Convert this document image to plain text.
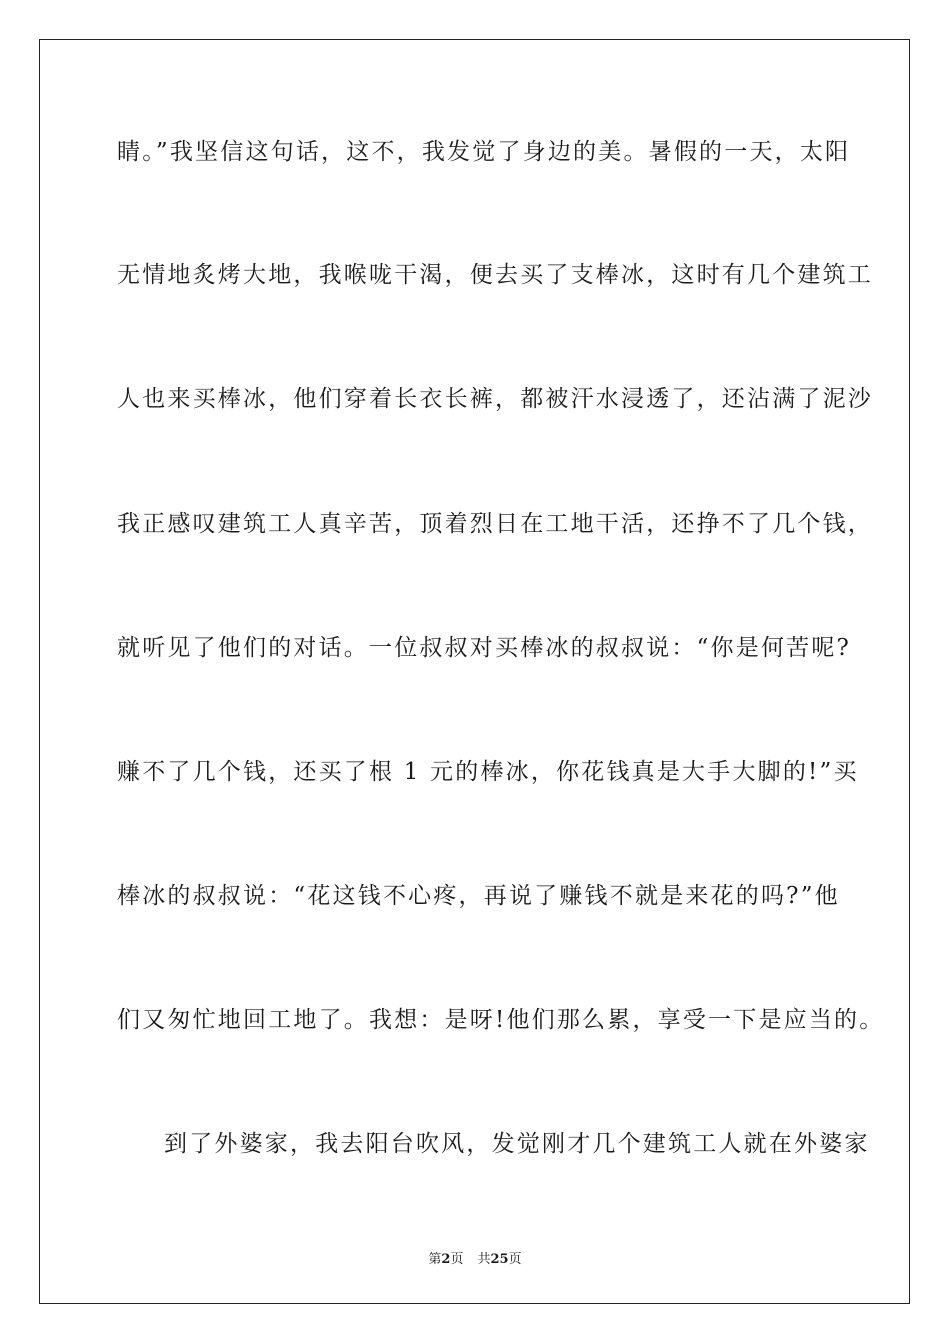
睛。”我坚信这句话，这不，我发觉了身边的美。暑假的一天，太阳
无情地炙烤大地，我喉咙干渴，便去买了支棒冰，这时有几个建筑工
人也来买棒冰，他们穿着长衣长裤，都被汗水浸透了，还沾满了泥沙
我正感叹建筑工人真辛苦，顶着烈日在工地干活，还挣不了几个钱，
就听见了他们的对话。一位叔叔对买棒冰的叔叔说：“你是何苦呢?
赚不了几个钱，还买了根 1 元的棒冰，你花钱真是大手大脚的!”买
棒冰的叔叔说：“花这钱不心疼，再说了赚钱不就是来花的吗?”他
们又匆忙地回工地了。我想：是呀!他们那么累，享受一下是应当的。
到了外婆家，我去阳台吹风，发觉刚才几个建筑工人就在外婆家
第2页 共25页
